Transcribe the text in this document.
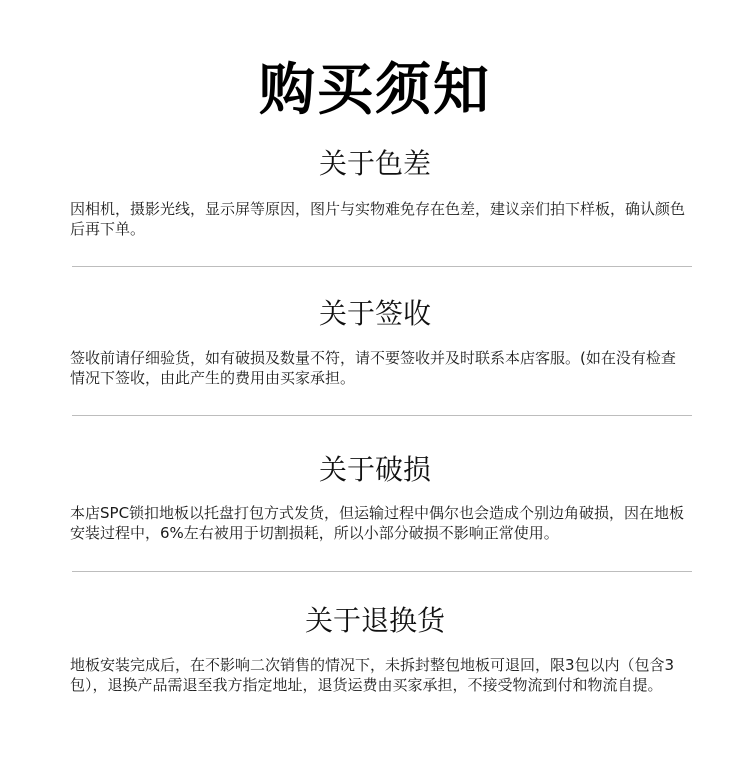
购买须知
关于色差

因相机，摄影光线，显示屏等原因，图片与实物难免存在色差，建议亲们拍下样板，确认颜色后再下单。

关于签收

签收前请仔细验货，如有破损及数量不符，请不要签收并及时联系本店客服。(如在没有检查情况下签收，由此产生的费用由买家承担。

关于破损

本店SPC锁扣地板以托盘打包方式发货，但运输过程中偶尔也会造成个别边角破损，因在地板安装过程中，6%左右被用于切割损耗，所以小部分破损不影响正常使用。

关于退换货

地板安装完成后，在不影响二次销售的情况下，未拆封整包地板可退回，限3包以内（包含3包），退换产品需退至我方指定地址，退货运费由买家承担，不接受物流到付和物流自提。
